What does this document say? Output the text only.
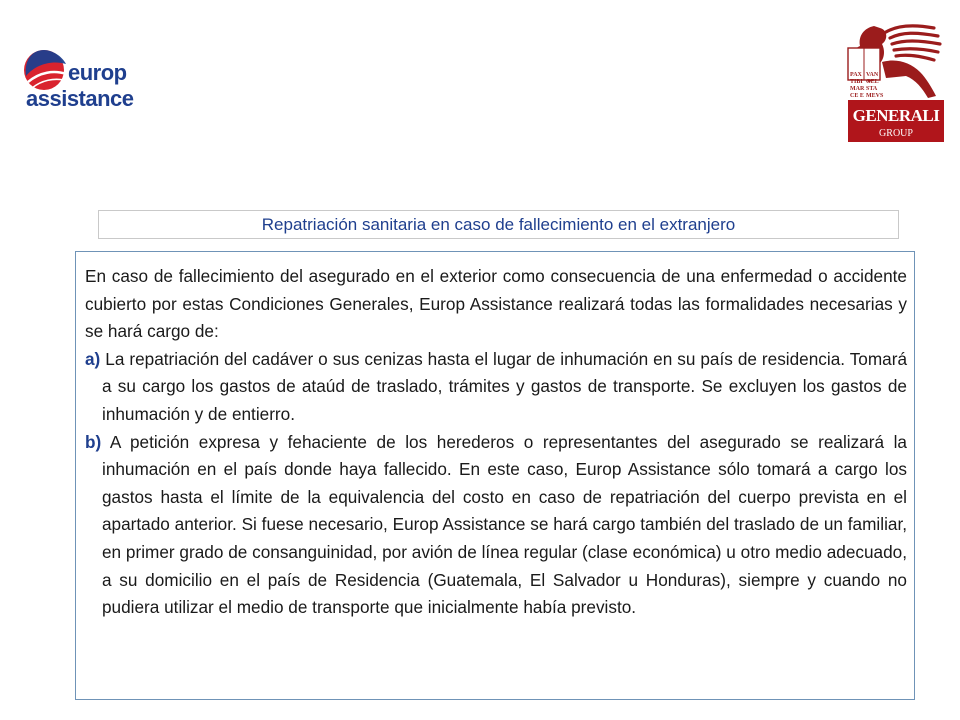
europ
assistance
PAX
TIBI
MAR
CE E
VAN
GEL
STA
MEVS
GENERALI
GROUP
Repatriación sanitaria en caso de fallecimiento en el extranjero

En caso de fallecimiento del asegurado en el exterior como consecuencia de una enfermedad o accidente cubierto por estas Condiciones Generales, Europ Assistance realizará todas las formalidades necesarias y se hará cargo de:

a) La repatriación del cadáver o sus cenizas hasta el lugar de inhumación en su país de residencia. Tomará a su cargo los gastos de ataúd de traslado, trámites y gastos de transporte. Se excluyen los gastos de inhumación y de entierro.

b) A petición expresa y fehaciente de los herederos o representantes del asegurado se realizará la inhumación en el país donde haya fallecido. En este caso, Europ Assistance sólo tomará a cargo los gastos hasta el límite de la equivalencia del costo en caso de repatriación del cuerpo prevista en el apartado anterior. Si fuese necesario, Europ Assistance se hará cargo también del traslado de un familiar, en primer grado de consanguinidad, por avión de línea regular (clase económica) u otro medio adecuado, a su domicilio en el país de Residencia (Guatemala, El Salvador u Honduras), siempre y cuando no pudiera utilizar el medio de transporte que inicialmente había previsto.
